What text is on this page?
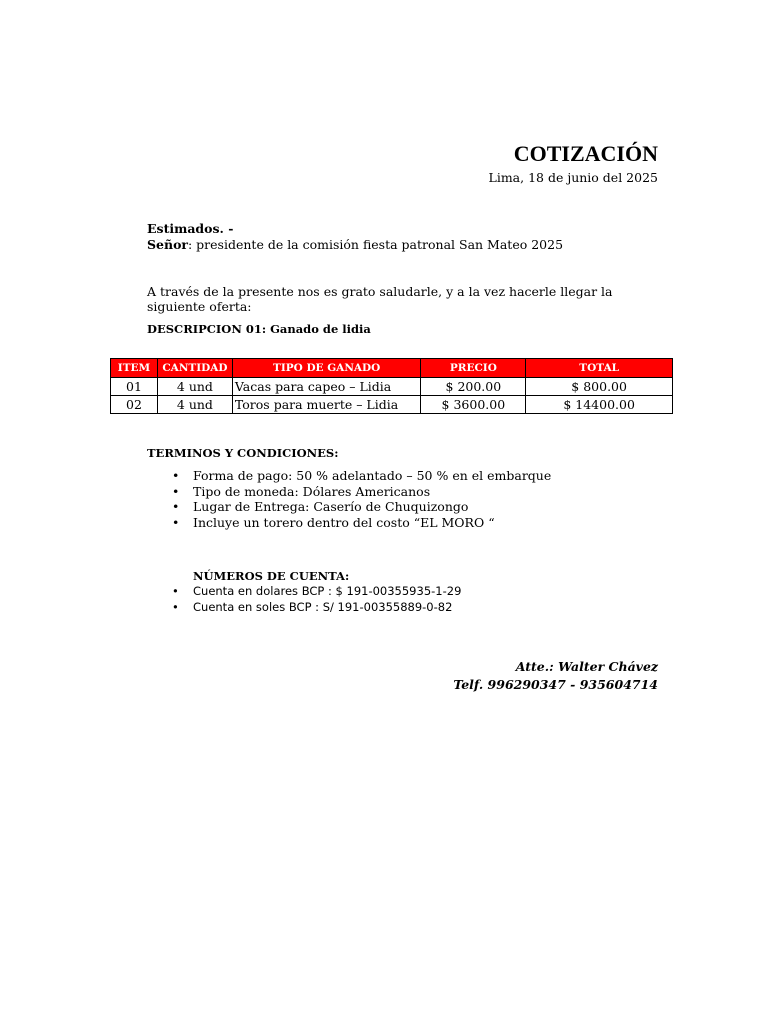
COTIZACIÓN
Lima, 18 de junio del 2025
Estimados. -
Señor: presidente de la comisión fiesta patronal San Mateo 2025
A través de la presente nos es grato saludarle, y a la vez hacerle llegar la siguiente oferta:
DESCRIPCION 01: Ganado de lidia
ITEM	CANTIDAD	TIPO DE GANADO	PRECIO	TOTAL
01	4 und	Vacas para capeo – Lidia	$ 200.00	$ 800.00
02	4 und	Toros para muerte – Lidia	$ 3600.00	$ 14400.00
TERMINOS Y CONDICIONES:
• Forma de pago: 50 % adelantado – 50 % en el embarque
• Tipo de moneda: Dólares Americanos
• Lugar de Entrega: Caserío de Chuquizongo
• Incluye un torero dentro del costo “EL MORO “
NÚMEROS DE CUENTA:
• Cuenta en dolares BCP : $ 191-00355935-1-29
• Cuenta en soles BCP : S/ 191-00355889-0-82
Atte.: Walter Chávez
Telf. 996290347 - 935604714
